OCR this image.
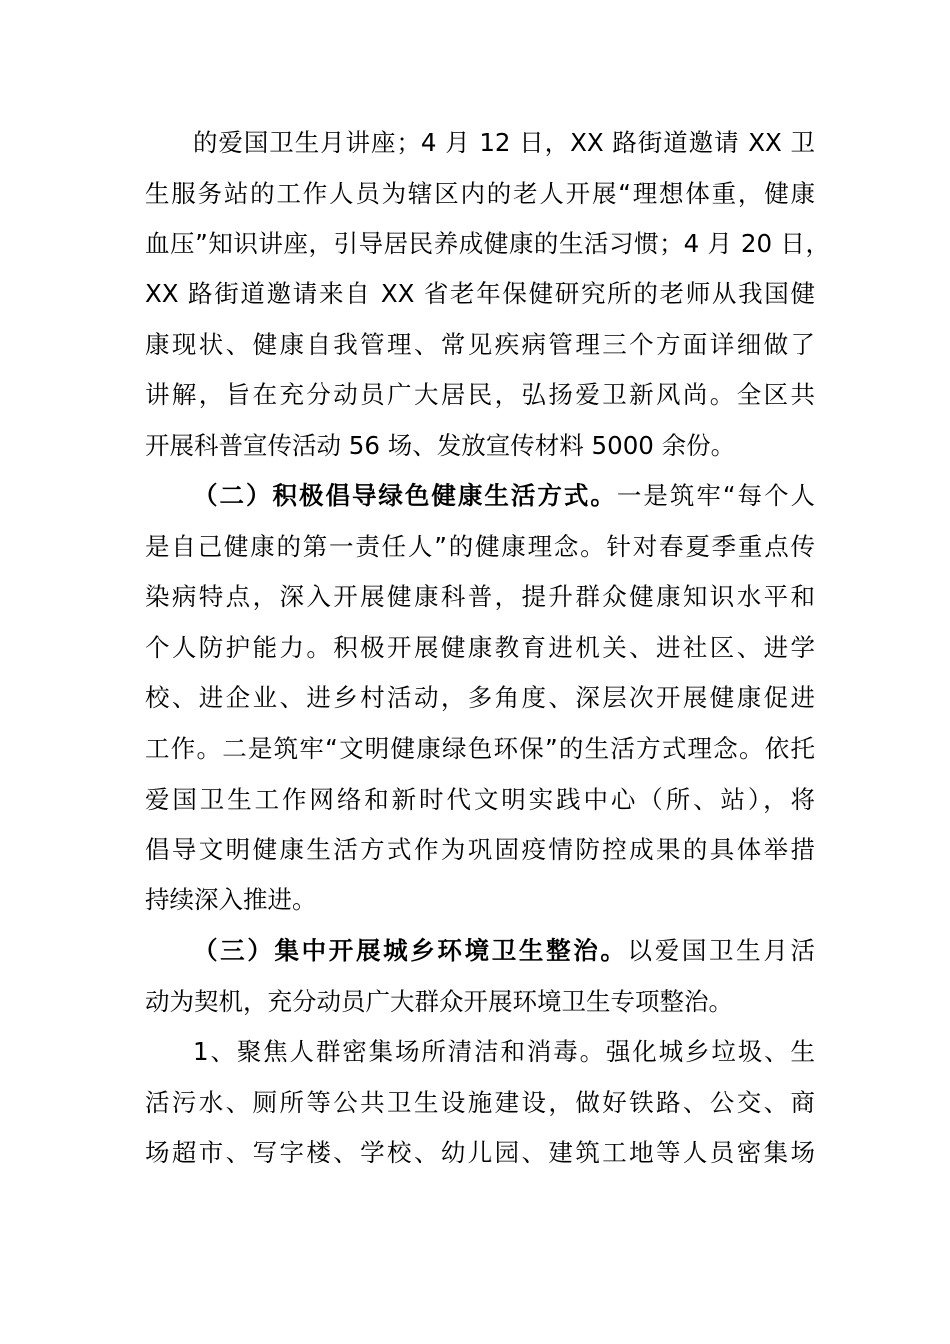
的爱国卫生月讲座；4 月 12 日，XX 路街道邀请 XX 卫
生服务站的工作人员为辖区内的老人开展“理想体重，健康
血压”知识讲座，引导居民养成健康的生活习惯；4 月 20 日，
XX 路街道邀请来自 XX 省老年保健研究所的老师从我国健
康现状、健康自我管理、常见疾病管理三个方面详细做了
讲解，旨在充分动员广大居民，弘扬爱卫新风尚。全区共
开展科普宣传活动 56 场、发放宣传材料 5000 余份。
（二）积极倡导绿色健康生活方式。一是筑牢“每个人
是自己健康的第一责任人”的健康理念。针对春夏季重点传
染病特点，深入开展健康科普，提升群众健康知识水平和
个人防护能力。积极开展健康教育进机关、进社区、进学
校、进企业、进乡村活动，多角度、深层次开展健康促进
工作。二是筑牢“文明健康绿色环保”的生活方式理念。依托
爱国卫生工作网络和新时代文明实践中心（所、站），将
倡导文明健康生活方式作为巩固疫情防控成果的具体举措
持续深入推进。
（三）集中开展城乡环境卫生整治。以爱国卫生月活
动为契机，充分动员广大群众开展环境卫生专项整治。
1、聚焦人群密集场所清洁和消毒。强化城乡垃圾、生
活污水、厕所等公共卫生设施建设，做好铁路、公交、商
场超市、写字楼、学校、幼儿园、建筑工地等人员密集场
